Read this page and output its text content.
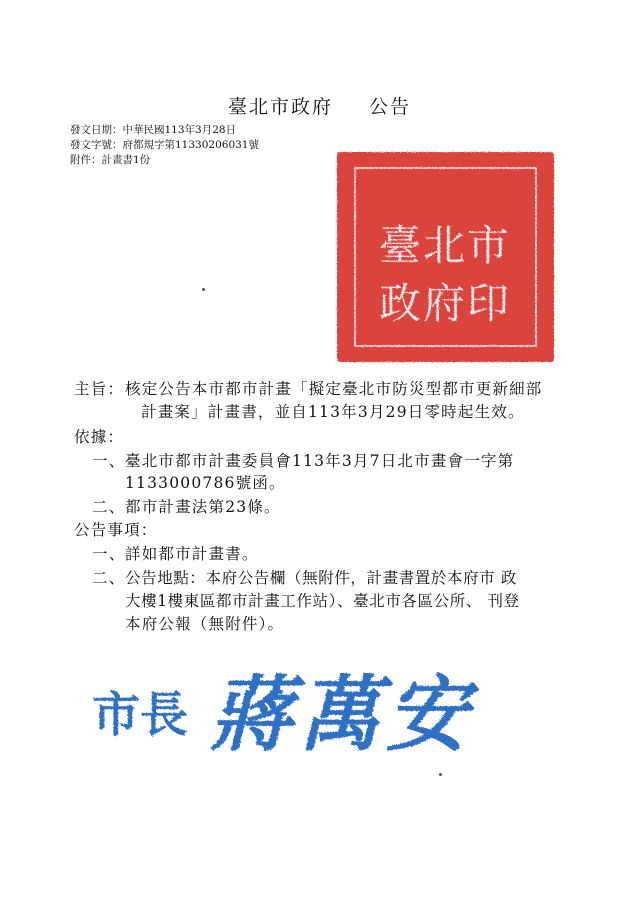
臺北市政府 公告
發文日期：中華民國113年3月28日
發文字號：府都規字第11330206031號
附件：計畫書1份
臺北市
政府印
主旨： 核定公告本市都市計畫「擬定臺北市防災型都市更新細部
計畫案」計畫書，並自113年3月29日零時起生效。
依據：
一、 臺北市都市計畫委員會113年3月7日北市畫會一字第
1133000786號函。
二、 都市計畫法第23條。
公告事項：
一、 詳如都市計畫書。
二、 公告地點：本府公告欄（無附件，計畫書置於本府市 政
大樓1樓東區都市計畫工作站）、臺北市各區公所、 刊登
本府公報（無附件）。
市長 蔣萬安
